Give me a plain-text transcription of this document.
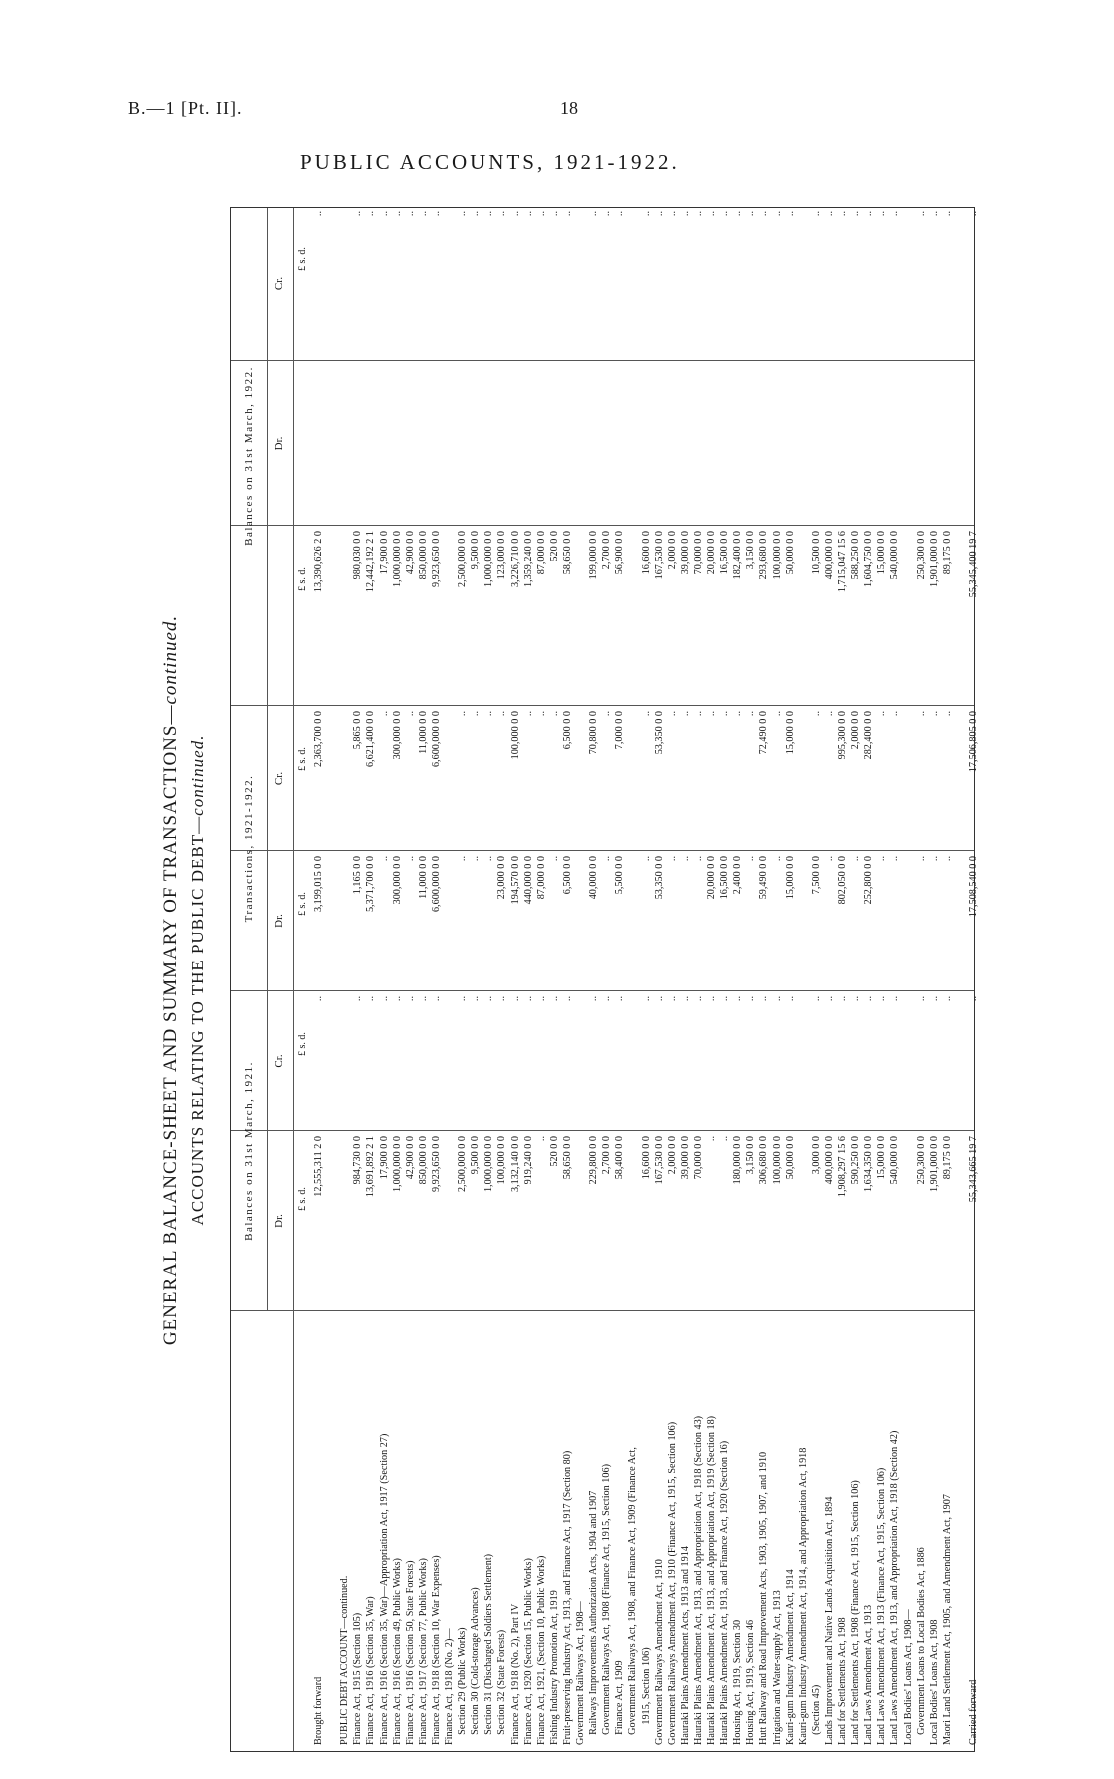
B.—1 [Pt. II].	18
PUBLIC ACCOUNTS, 1921-1922.
GENERAL BALANCE-SHEET AND SUMMARY OF TRANSACTIONS—continued.
ACCOUNTS RELATING TO THE PUBLIC DEBT—continued.
Balances on 31st March, 1921.
Transactions, 1921-1922.
Balances on 31st March, 1922.
Dr.
Cr.
Dr.
Cr.
Dr.
Cr.
£ s. d.
£ s. d.
£ s. d.
£ s. d.
£ s. d.
£ s. d.
Brought forward
12,555,311 2 0
..
3,199,015 0 0
2,363,700 0 0
13,390,626 2 0
..
PUBLIC DEBT ACCOUNT—continued. Finance Act, 1915 (Section 105)
984,730 0 0
..
1,165 0 0
5,865 0 0
980,030 0 0
..
Finance Act, 1916 (Section 35, War)
13,691,892 2 1
..
5,371,700 0 0
6,621,400 0 0
12,442,192 2 1
..
Finance Act, 1916 (Section 35, War)—Appropriation Act, 1917 (Section 27)
17,900 0 0
..
..
..
17,900 0 0
..
Finance Act, 1916 (Section 49, Public Works)
1,000,000 0 0
..
300,000 0 0
300,000 0 0
1,000,000 0 0
..
Finance Act, 1916 (Section 50, State Forests)
42,900 0 0
..
..
..
42,900 0 0
..
Finance Act, 1917 (Section 77, Public Works)
850,000 0 0
..
11,000 0 0
11,000 0 0
850,000 0 0
..
Finance Act, 1918 (Section 10, War Expenses)
9,923,650 0 0
..
6,600,000 0 0
6,600,000 0 0
9,923,650 0 0
..
Finance Act, 1918 (No. 2)— Section 29 (Public Works)
2,500,000 0 0
..
..
..
2,500,000 0 0
..
Section 30 (Cold-storage Advances)
9,500 0 0
..
..
..
9,500 0 0
..
Section 31 (Discharged Soldiers Settlement)
1,000,000 0 0
..
..
..
1,000,000 0 0
..
Section 32 (State Forests)
100,000 0 0
..
23,000 0 0
..
123,000 0 0
..
Finance Act, 1918 (No. 2), Part IV
3,132,140 0 0
..
194,570 0 0
100,000 0 0
3,226,710 0 0
..
Finance Act, 1920 (Section 15, Public Works)
919,240 0 0
..
440,000 0 0
..
1,359,240 0 0
..
Finance Act, 1921, (Section 10, Public Works)
..
..
87,000 0 0
..
87,000 0 0
..
Fishing Industry Promotion Act, 1919
520 0 0
..
..
..
520 0 0
..
Fruit-preserving Industry Act, 1913, and Finance Act, 1917 (Section 80)
58,650 0 0
..
6,500 0 0
6,500 0 0
58,650 0 0
..
Government Railways Act, 1908— Railways Improvements Authorization Acts, 1904 and 1907
229,800 0 0
..
40,000 0 0
70,800 0 0
199,000 0 0
..
Government Railways Act, 1908 (Finance Act, 1915, Section 106)
2,700 0 0
..
..
..
2,700 0 0
..
Finance Act, 1909
58,400 0 0
..
5,500 0 0
7,000 0 0
56,900 0 0
..
Government Railways Act, 1908, and Finance Act, 1909 (Finance Act, 1915, Section 106)
16,600 0 0
..
..
..
16,600 0 0
..
Government Railways Amendment Act, 1910
167,530 0 0
..
53,350 0 0
53,350 0 0
167,530 0 0
..
Government Railways Amendment Act, 1910 (Finance Act, 1915, Section 106)
2,000 0 0
..
..
..
2,000 0 0
..
Hauraki Plains Amendment Acts, 1913 and 1914
39,000 0 0
..
..
..
39,000 0 0
..
Hauraki Plains Amendment Act, 1913, and Appropriation Act, 1918 (Section 43)
70,000 0 0
..
..
..
70,000 0 0
..
Hauraki Plains Amendment Act, 1913, and Appropriation Act, 1919 (Section 18)
..
..
20,000 0 0
..
20,000 0 0
..
Hauraki Plains Amendment Act, 1913, and Finance Act, 1920 (Section 16)
..
..
16,500 0 0
..
16,500 0 0
..
Housing Act, 1919, Section 30
180,000 0 0
..
2,400 0 0
..
182,400 0 0
..
Housing Act, 1919, Section 46
3,150 0 0
..
..
..
3,150 0 0
..
Hutt Railway and Road Improvement Acts, 1903, 1905, 1907, and 1910
306,680 0 0
..
59,490 0 0
72,490 0 0
293,680 0 0
..
Irrigation and Water-supply Act, 1913
100,000 0 0
..
..
..
100,000 0 0
..
Kauri-gum Industry Amendment Act, 1914
50,000 0 0
..
15,000 0 0
15,000 0 0
50,000 0 0
..
Kauri-gum Industry Amendment Act, 1914, and Appropriation Act, 1918 (Section 45)
3,000 0 0
..
7,500 0 0
..
10,500 0 0
..
Lands Improvement and Native Lands Acquisition Act, 1894
400,000 0 0
..
..
..
400,000 0 0
..
Land for Settlements Act, 1908
1,908,297 15 6
..
802,050 0 0
995,300 0 0
1,715,047 15 6
..
Land for Settlements Act, 1908 (Finance Act, 1915, Section 106)
590,250 0 0
..
..
2,000 0 0
588,250 0 0
..
Land Laws Amendment Act, 1913
1,634,350 0 0
..
252,800 0 0
282,400 0 0
1,604,750 0 0
..
Land Laws Amendment Act, 1913 (Finance Act, 1915, Section 106)
15,000 0 0
..
..
..
15,000 0 0
..
Land Laws Amendment Act, 1913, and Appropriation Act, 1918 (Section 42)
540,000 0 0
..
..
..
540,000 0 0
..
Local Bodies' Loans Act, 1908— Government Loans to Local Bodies Act, 1886
250,300 0 0
..
..
..
250,300 0 0
..
Local Bodies' Loans Act, 1908
1,901,000 0 0
..
..
..
1,901,000 0 0
..
Maori Land Settlement Act, 1905, and Amendment Act, 1907
89,175 0 0
..
..
..
89,175 0 0
..
Carried forward
55,343,665 19 7
..
17,508,540 0 0
17,506,805 0 0
55,345,400 19 7
..
